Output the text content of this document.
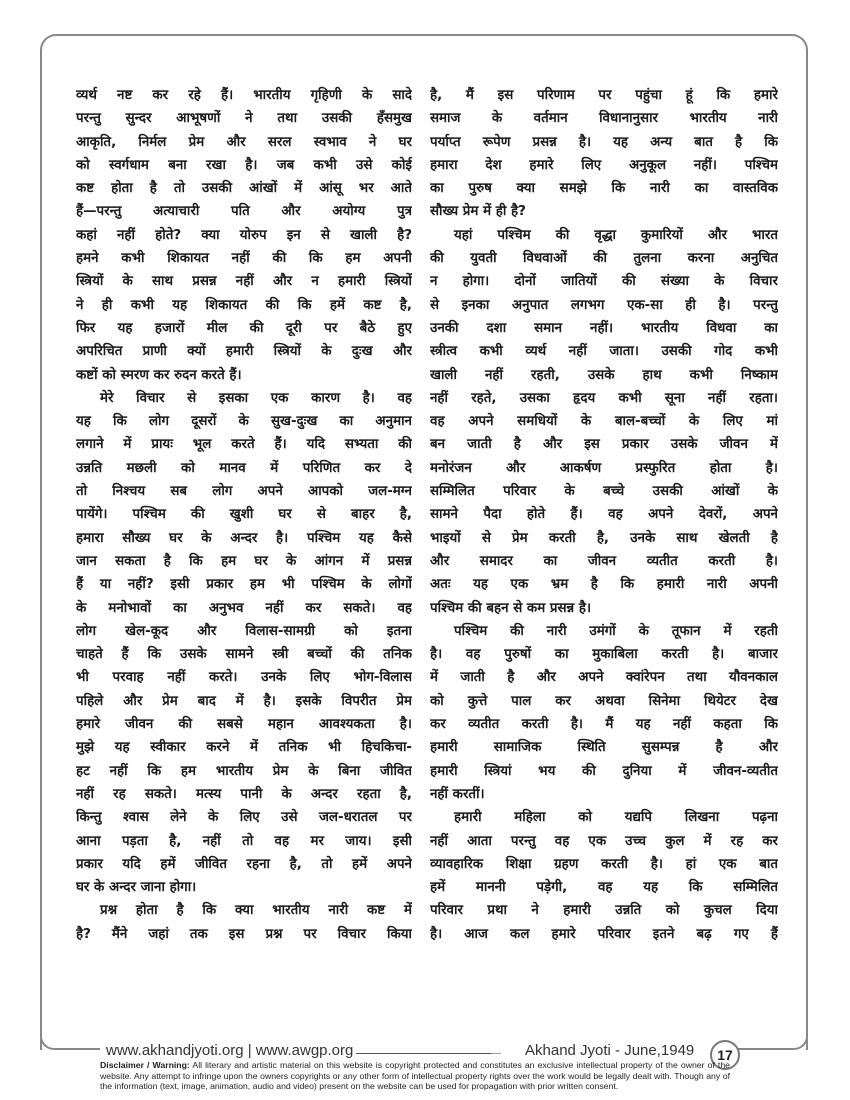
व्यर्थ नष्ट कर रहे हैं। भारतीय गृहिणी के सादे
परन्तु सुन्दर आभूषणों ने तथा उसकी हँसमुख
आकृति, निर्मल प्रेम और सरल स्वभाव ने घर
को स्वर्गधाम बना रखा है। जब कभी उसे कोई
कष्ट होता है तो उसकी आंखों में आंसू भर आते
हैं—परन्तु अत्याचारी पति और अयोग्य पुत्र
कहां नहीं होते? क्या योरुप इन से खाली है?
हमने कभी शिकायत नहीं की कि हम अपनी
स्त्रियों के साथ प्रसन्न नहीं और न हमारी स्त्रियों
ने ही कभी यह शिकायत की कि हमें कष्ट है,
फिर यह हजारों मील की दूरी पर बैठे हुए
अपरिचित प्राणी क्यों हमारी स्त्रियों के दुःख और
कष्टों को स्मरण कर रुदन करते हैं।
मेरे विचार से इसका एक कारण है। वह
यह कि लोग दूसरों के सुख-दुःख का अनुमान
लगाने में प्रायः भूल करते हैं। यदि सभ्यता की
उन्नति मछली को मानव में परिणित कर दे
तो निश्चय सब लोग अपने आपको जल-मग्न
पायेंगे। पश्चिम की खुशी घर से बाहर है,
हमारा सौख्य घर के अन्दर है। पश्चिम यह कैसे
जान सकता है कि हम घर के आंगन में प्रसन्न
हैं या नहीं? इसी प्रकार हम भी पश्चिम के लोगों
के मनोभावों का अनुभव नहीं कर सकते। वह
लोग खेल-कूद और विलास-सामग्री को इतना
चाहते हैं कि उसके सामने स्त्री बच्चों की तनिक
भी परवाह नहीं करते। उनके लिए भोग-विलास
पहिले और प्रेम बाद में है। इसके विपरीत प्रेम
हमारे जीवन की सबसे महान आवश्यकता है।
मुझे यह स्वीकार करने में तनिक भी हिचकिचा-
हट नहीं कि हम भारतीय प्रेम के बिना जीवित
नहीं रह सकते। मत्स्य पानी के अन्दर रहता है,
किन्तु श्वास लेने के लिए उसे जल-धरातल पर
आना पड़ता है, नहीं तो वह मर जाय। इसी
प्रकार यदि हमें जीवित रहना है, तो हमें अपने
घर के अन्दर जाना होगा।
प्रश्न होता है कि क्या भारतीय नारी कष्ट में
है? मैंने जहां तक इस प्रश्न पर विचार किया
है, मैं इस परिणाम पर पहुंचा हूं कि हमारे
समाज के वर्तमान विधानानुसार भारतीय नारी
पर्याप्त रूपेण प्रसन्न है। यह अन्य बात है कि
हमारा देश हमारे लिए अनुकूल नहीं। पश्चिम
का पुरुष क्या समझे कि नारी का वास्तविक
सौख्य प्रेम में ही है?
यहां पश्चिम की वृद्धा कुमारियों और भारत
की युवती विधवाओं की तुलना करना अनुचित
न होगा। दोनों जातियों की संख्या के विचार
से इनका अनुपात लगभग एक-सा ही है। परन्तु
उनकी दशा समान नहीं। भारतीय विधवा का
स्त्रीत्व कभी व्यर्थ नहीं जाता। उसकी गोद कभी
खाली नहीं रहती, उसके हाथ कभी निष्काम
नहीं रहते, उसका हृदय कभी सूना नहीं रहता।
वह अपने समधियों के बाल-बच्चों के लिए मां
बन जाती है और इस प्रकार उसके जीवन में
मनोरंजन और आकर्षण प्रस्फुरित होता है।
सम्मिलित परिवार के बच्चे उसकी आंखों के
सामने पैदा होते हैं। वह अपने देवरों, अपने
भाइयों से प्रेम करती है, उनके साथ खेलती है
और समादर का जीवन व्यतीत करती है।
अतः यह एक भ्रम है कि हमारी नारी अपनी
पश्चिम की बहन से कम प्रसन्न है।
पश्चिम की नारी उमंगों के तूफान में रहती
है। वह पुरुषों का मुकाबिला करती है। बाजार
में जाती है और अपने क्वांरेपन तथा यौवनकाल
को कुत्ते पाल कर अथवा सिनेमा थियेटर देख
कर व्यतीत करती है। मैं यह नहीं कहता कि
हमारी सामाजिक स्थिति सुसम्पन्न है और
हमारी स्त्रियां भय की दुनिया में जीवन-व्यतीत
नहीं करतीं।
हमारी महिला को यद्यपि लिखना पढ़ना
नहीं आता परन्तु वह एक उच्च कुल में रह कर
व्यावहारिक शिक्षा ग्रहण करती है। हां एक बात
हमें माननी पड़ेगी, वह यह कि सम्मिलित
परिवार प्रथा ने हमारी उन्नति को कुचल दिया
है। आज कल हमारे परिवार इतने बढ़ गए हैं
www.akhandjyoti.org | www.awgp.org	Akhand Jyoti - June,1949	17
Disclaimer / Warning: All literary and artistic material on this website is copyright protected and constitutes an exclusive intellectual property of the owner of the website. Any attempt to infringe upon the owners copyrights or any other form of intellectual property rights over the work would be legally dealt with. Though any of the information (text, image, animation, audio and video) present on the website can be used for propagation with prior written consent.
